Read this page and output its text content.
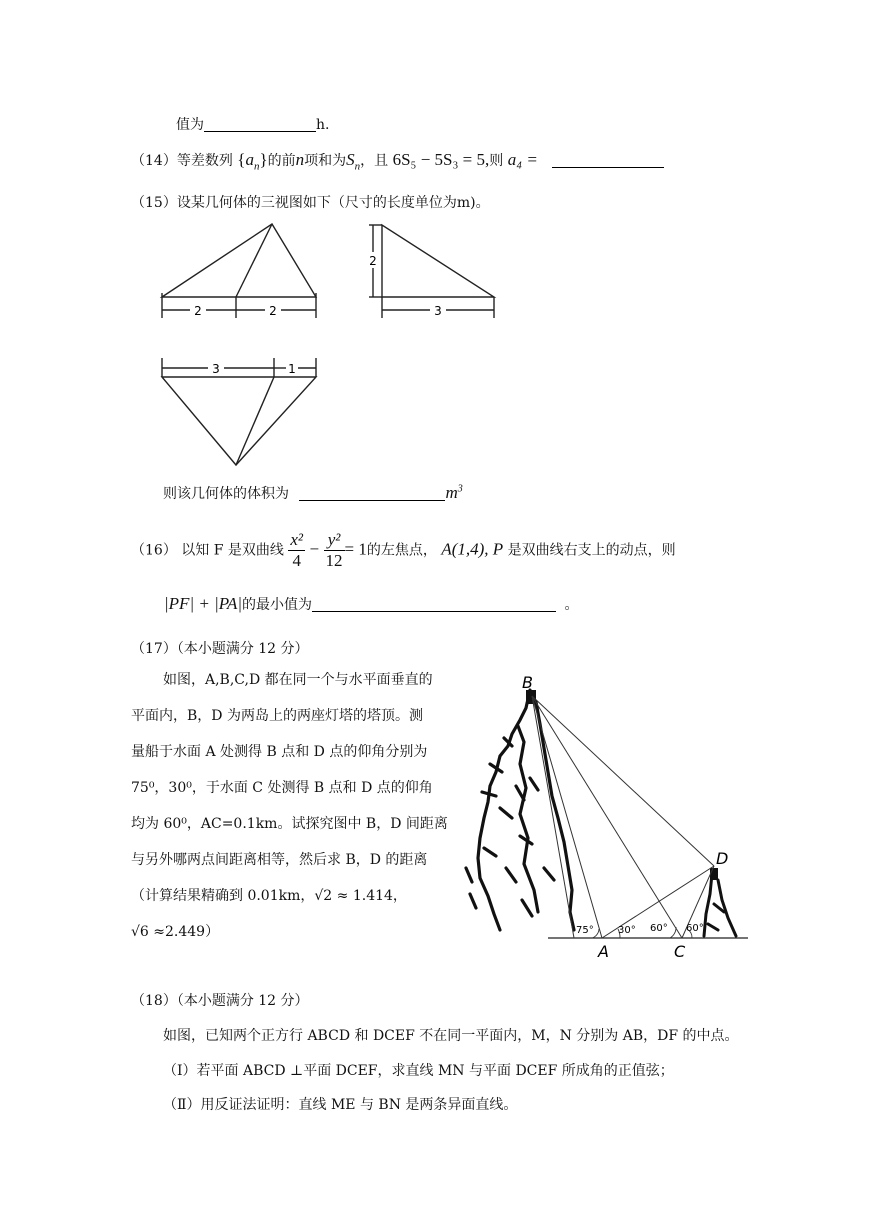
值为	h.
（14）等差数列 $\{a_n\}$的前n项和为$S_n$，且 6S₅ − 5S₃ = 5,则 a₄ =
（15）设某几何体的三视图如下（尺寸的长度单位为m)。
2	2
2
3
3	1
则该几何体的体积为	$m^3$
（16） 以知 F 是双曲线 $\frac{\text{x²}}{4} - \frac{\text{y²}}{12} = 1$的左焦点， A(1,4), P 是双曲线右支上的动点，则
|PF| + |PA|的最小值为	。
（17）（本小题满分 12 分）
如图，A,B,C,D 都在同一个与水平面垂直的
平面内，B，D 为两岛上的两座灯塔的塔顶。测
量船于水面 A 处测得 B 点和 D 点的仰角分别为
75⁰，30⁰，于水面 C 处测得 B 点和 D 点的仰角
均为 60⁰，AC=0.1km。试探究图中 B，D 间距离
与另外哪两点间距离相等，然后求 B，D 的距离
（计算结果精确到 0.01km，√2 ≈ 1.414，
√6 ≈2.449）
B
D
A	C
75° 30° 60° 60°
（18）（本小题满分 12 分）
如图，已知两个正方行 ABCD 和 DCEF 不在同一平面内，M，N 分别为 AB，DF 的中点。
（Ⅰ）若平面 ABCD ⊥平面 DCEF，求直线 MN 与平面 DCEF 所成角的正值弦；
（Ⅱ）用反证法证明：直线 ME 与 BN 是两条异面直线。
